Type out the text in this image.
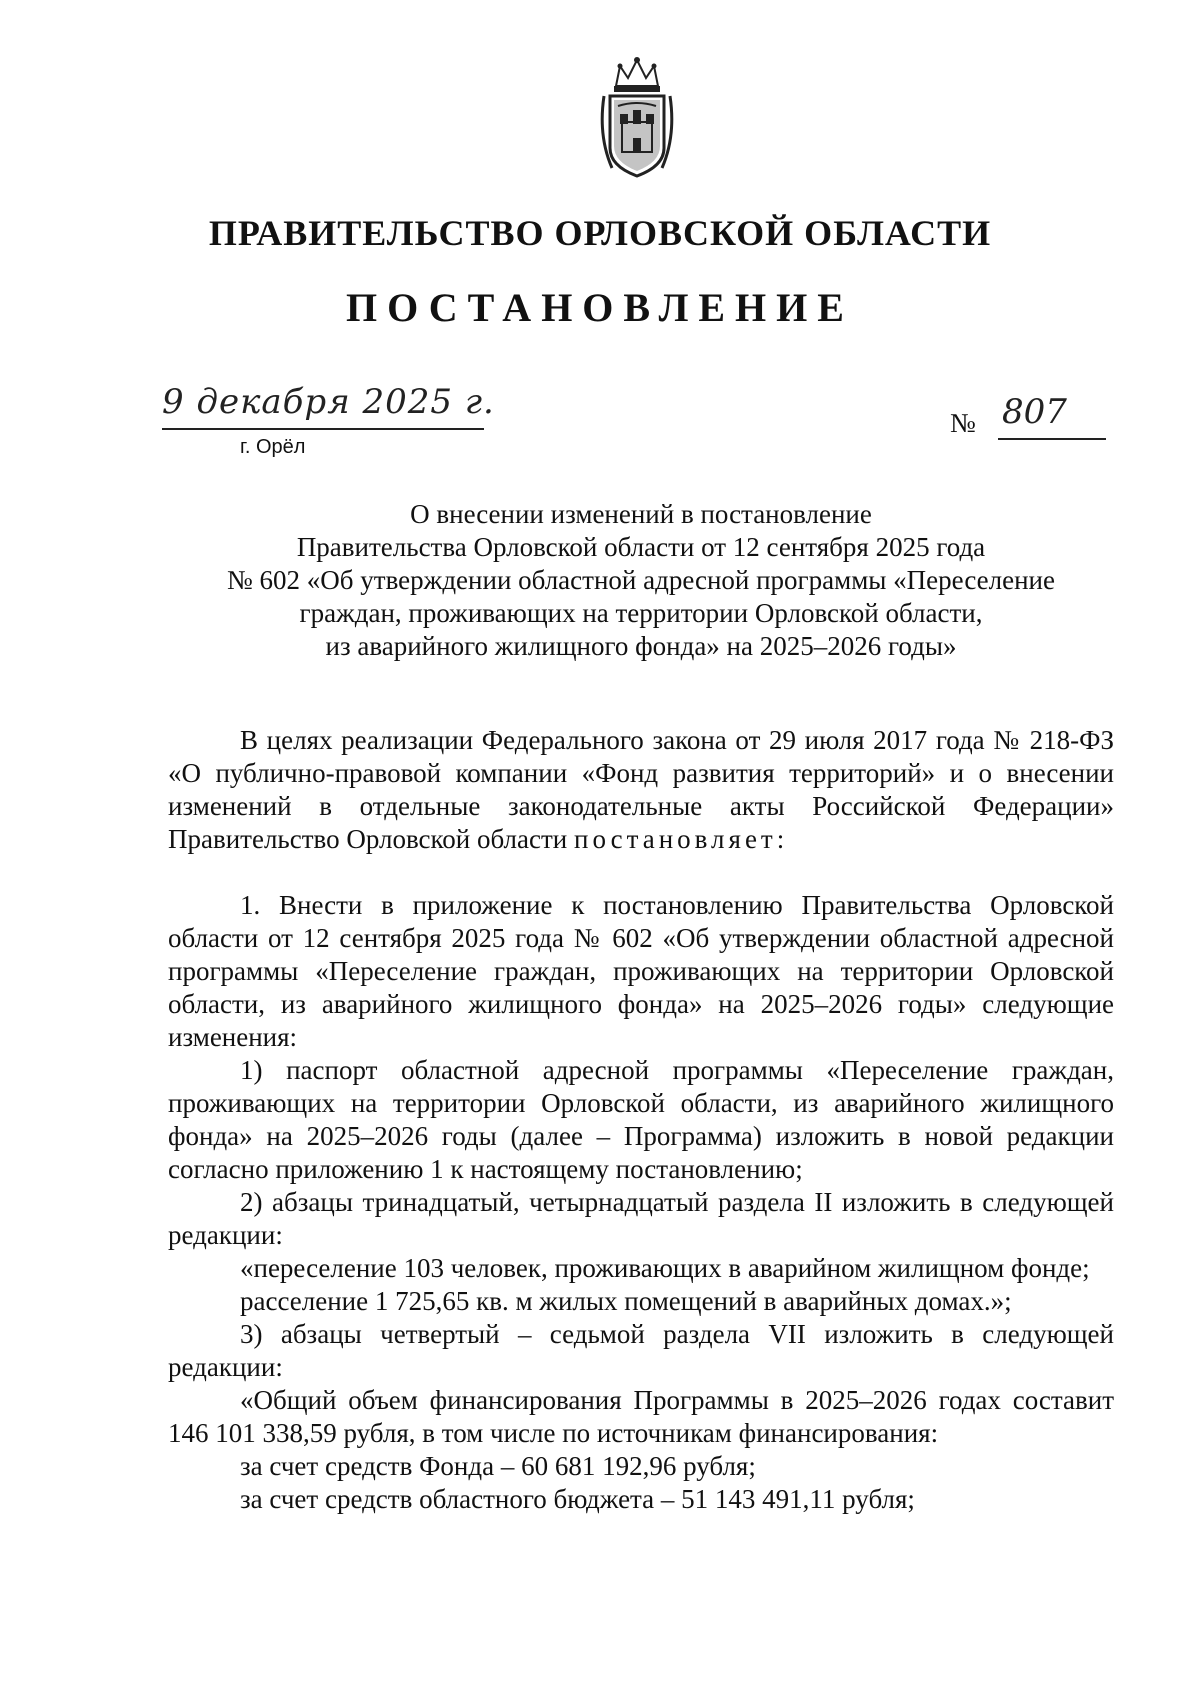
ПРАВИТЕЛЬСТВО ОРЛОВСКОЙ ОБЛАСТИ
ПОСТАНОВЛЕНИЕ
9 декабря 2025 г.
г. Орёл
№ 807
О внесении изменений в постановление
Правительства Орловской области от 12 сентября 2025 года
№ 602 «Об утверждении областной адресной программы «Переселение
граждан, проживающих на территории Орловской области,
из аварийного жилищного фонда» на 2025–2026 годы»
В целях реализации Федерального закона от 29 июля 2017 года № 218-ФЗ «О публично-правовой компании «Фонд развития территорий» и о внесении изменений в отдельные законодательные акты Российской Федерации» Правительство Орловской области постановляет:
1. Внести в приложение к постановлению Правительства Орловской области от 12 сентября 2025 года № 602 «Об утверждении областной адресной программы «Переселение граждан, проживающих на территории Орловской области, из аварийного жилищного фонда» на 2025–2026 годы» следующие изменения:
1) паспорт областной адресной программы «Переселение граждан, проживающих на территории Орловской области, из аварийного жилищного фонда» на 2025–2026 годы (далее – Программа) изложить в новой редакции согласно приложению 1 к настоящему постановлению;
2) абзацы тринадцатый, четырнадцатый раздела II изложить в следующей редакции:
«переселение 103 человек, проживающих в аварийном жилищном фонде;
расселение 1 725,65 кв. м жилых помещений в аварийных домах.»;
3) абзацы четвертый – седьмой раздела VII изложить в следующей редакции:
«Общий объем финансирования Программы в 2025–2026 годах составит 146 101 338,59 рубля, в том числе по источникам финансирования:
за счет средств Фонда – 60 681 192,96 рубля;
за счет средств областного бюджета – 51 143 491,11 рубля;
